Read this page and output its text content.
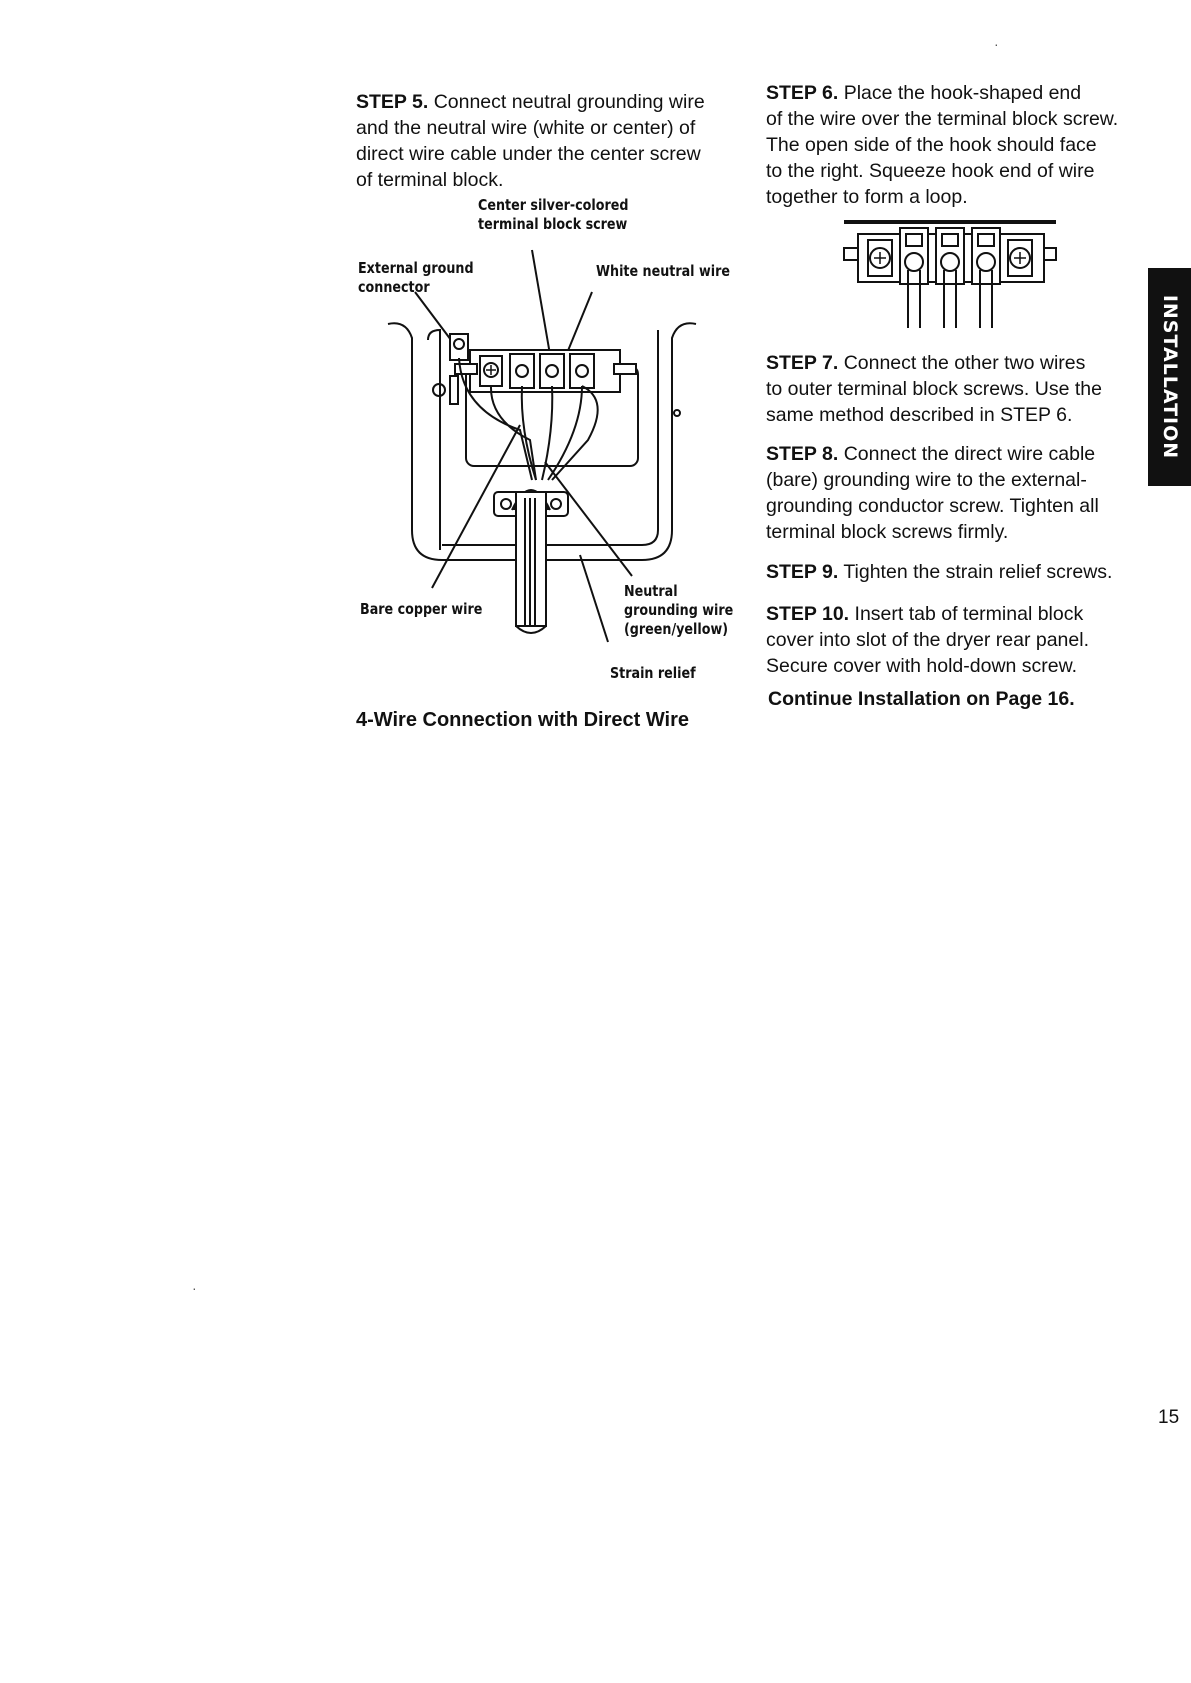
STEP 5. Connect neutral grounding wire
and the neutral wire (white or center) of
direct wire cable under the center screw
of terminal block.

Center silver-colored
terminal block screw
External ground
connector
White neutral wire
Bare copper wire
Neutral
grounding wire
(green/yellow)
Strain relief

4-Wire Connection with Direct Wire

STEP 6. Place the hook-shaped end
of the wire over the terminal block screw.
The open side of the hook should face
to the right. Squeeze hook end of wire
together to form a loop.

STEP 7. Connect the other two wires
to outer terminal block screws. Use the
same method described in STEP 6.

STEP 8. Connect the direct wire cable
(bare) grounding wire to the external-
grounding conductor screw. Tighten all
terminal block screws firmly.

STEP 9. Tighten the strain relief screws.

STEP 10. Insert tab of terminal block
cover into slot of the dryer rear panel.
Secure cover with hold-down screw.

Continue Installation on Page 16.

INSTALLATION
15
·
·
